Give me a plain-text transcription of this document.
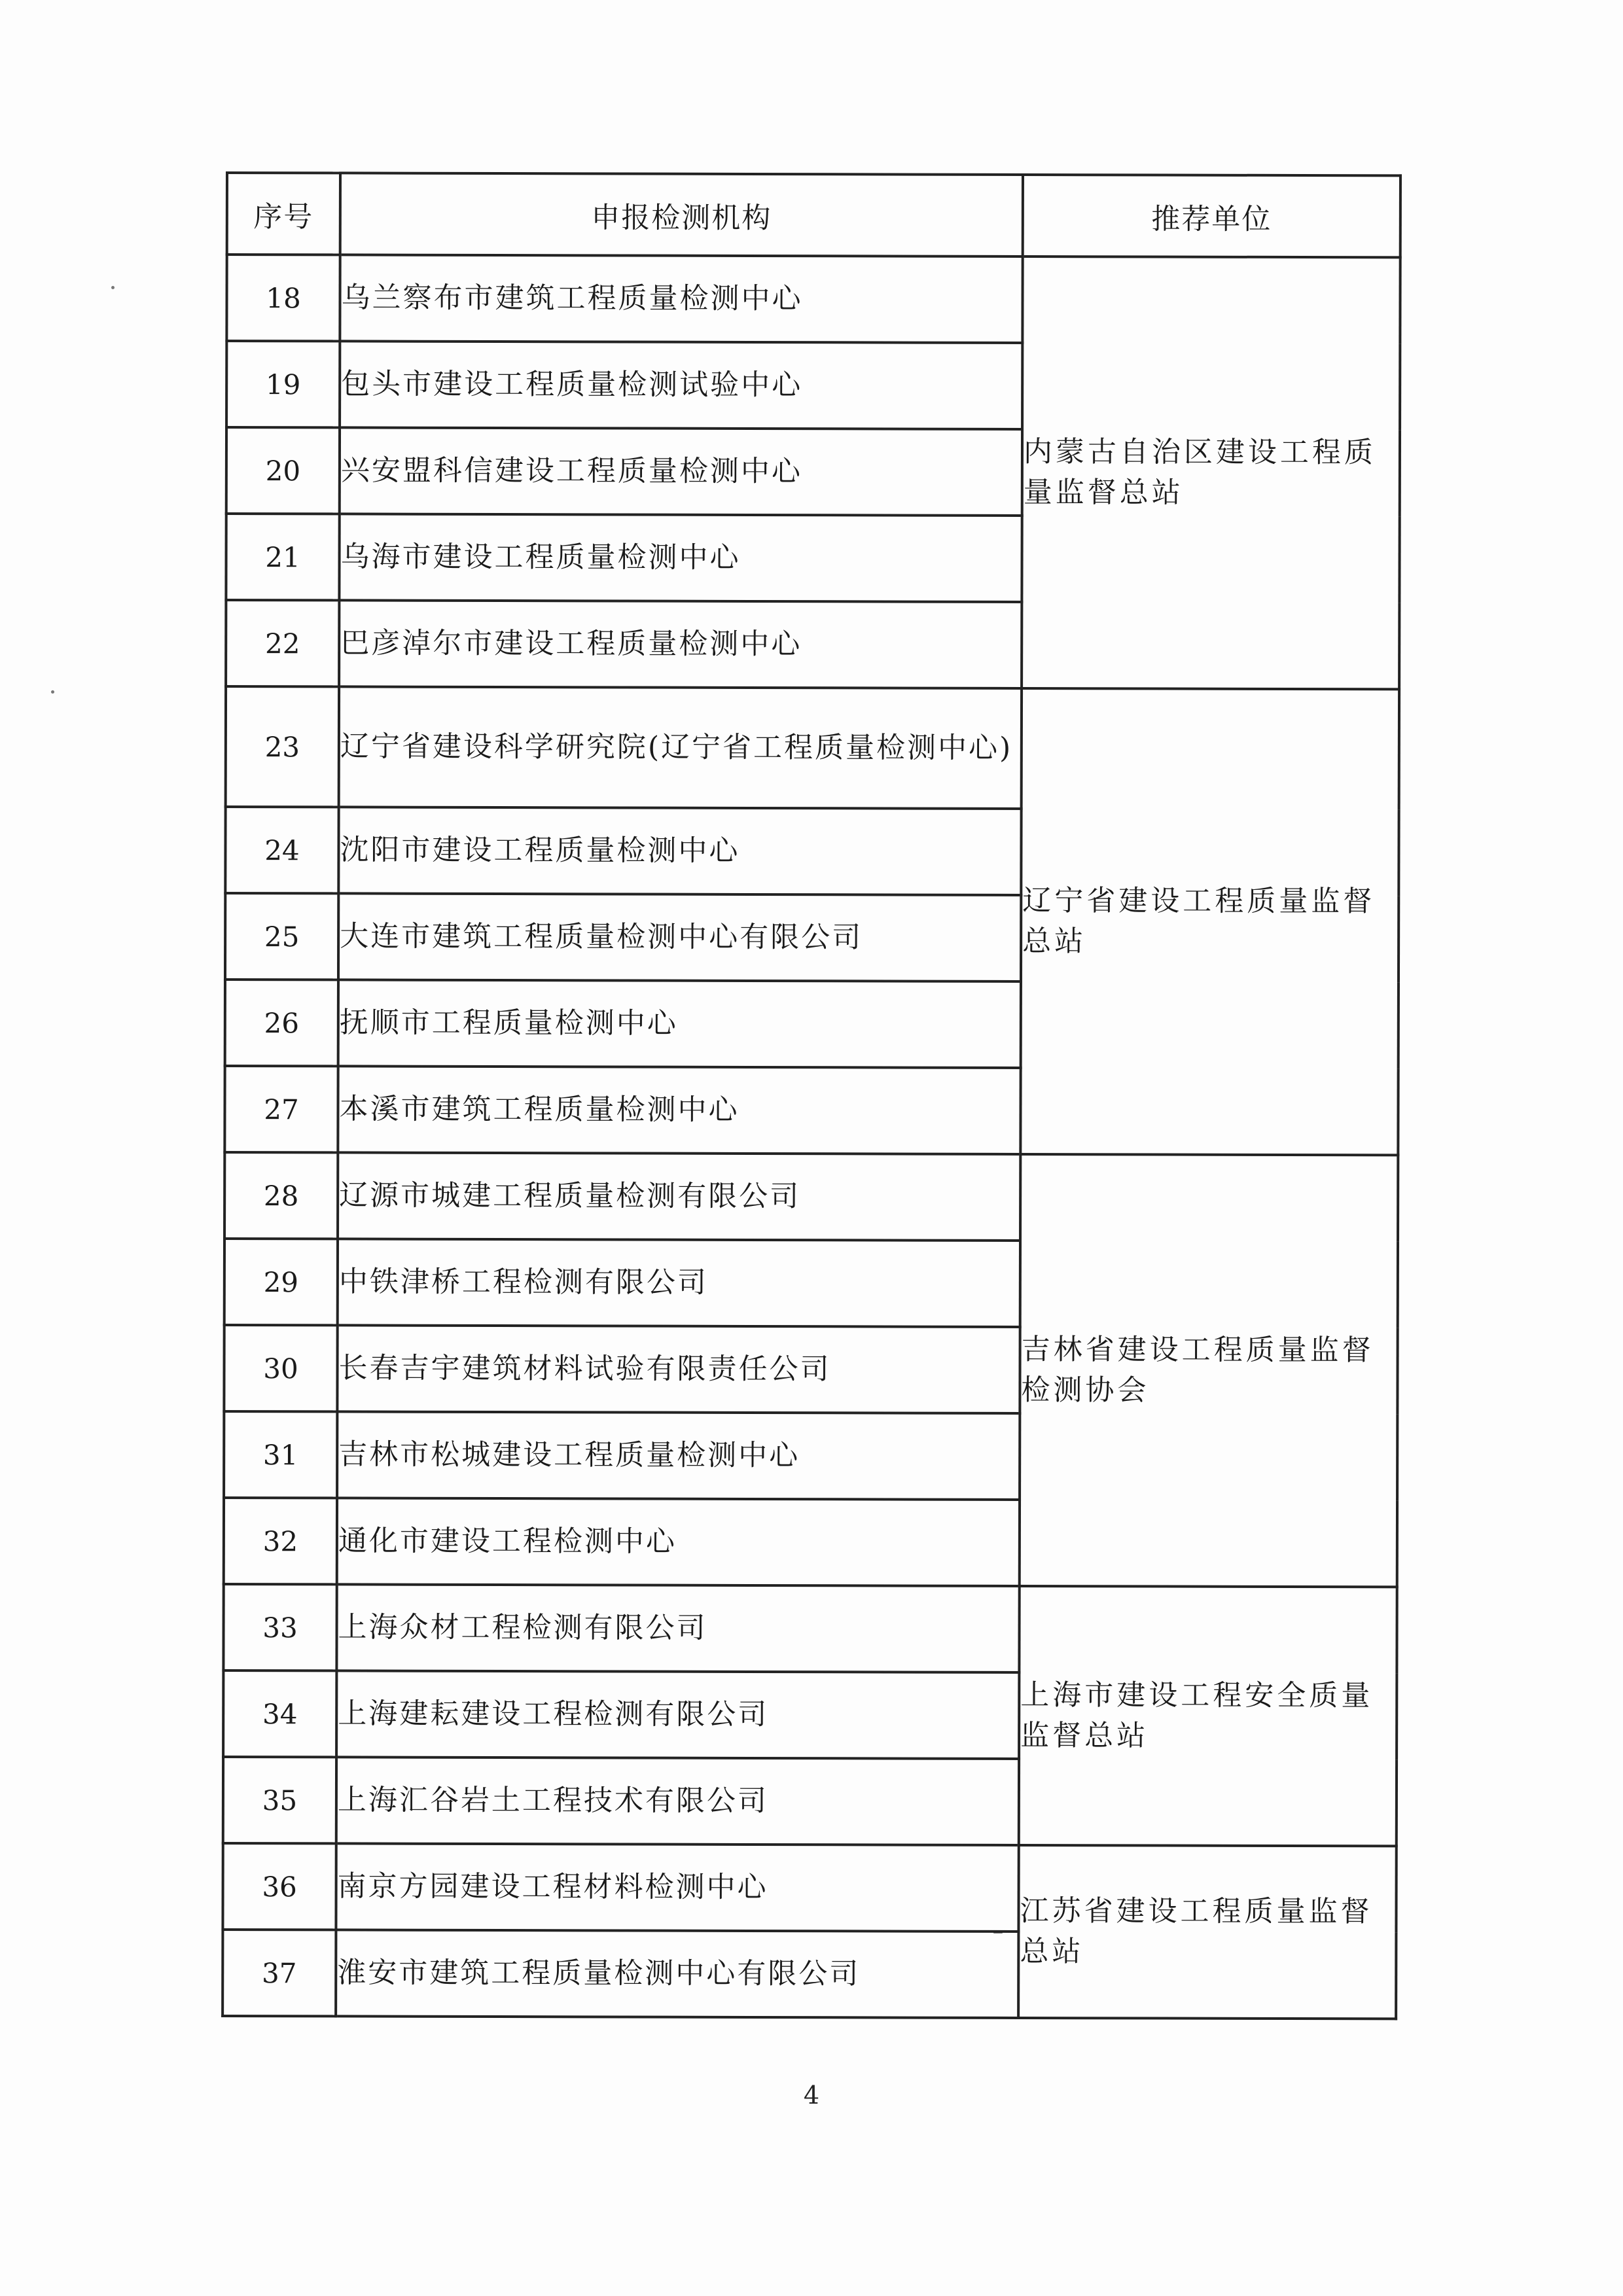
序号	申报检测机构	推荐单位
18	乌兰察布市建筑工程质量检测中心	内蒙古自治区建设工程质量监督总站
19	包头市建设工程质量检测试验中心	
20	兴安盟科信建设工程质量检测中心	
21	乌海市建设工程质量检测中心	
22	巴彦淖尔市建设工程质量检测中心	
23	辽宁省建设科学研究院(辽宁省工程质量检测中心)	辽宁省建设工程质量监督总站
24	沈阳市建设工程质量检测中心	
25	大连市建筑工程质量检测中心有限公司	
26	抚顺市工程质量检测中心	
27	本溪市建筑工程质量检测中心	
28	辽源市城建工程质量检测有限公司	吉林省建设工程质量监督检测协会
29	中铁津桥工程检测有限公司	
30	长春吉宇建筑材料试验有限责任公司	
31	吉林市松城建设工程质量检测中心	
32	通化市建设工程检测中心	
33	上海众材工程检测有限公司	上海市建设工程安全质量监督总站
34	上海建耘建设工程检测有限公司	
35	上海汇谷岩土工程技术有限公司	
36	南京方园建设工程材料检测中心	江苏省建设工程质量监督总站
37	淮安市建筑工程质量检测中心有限公司	
4
